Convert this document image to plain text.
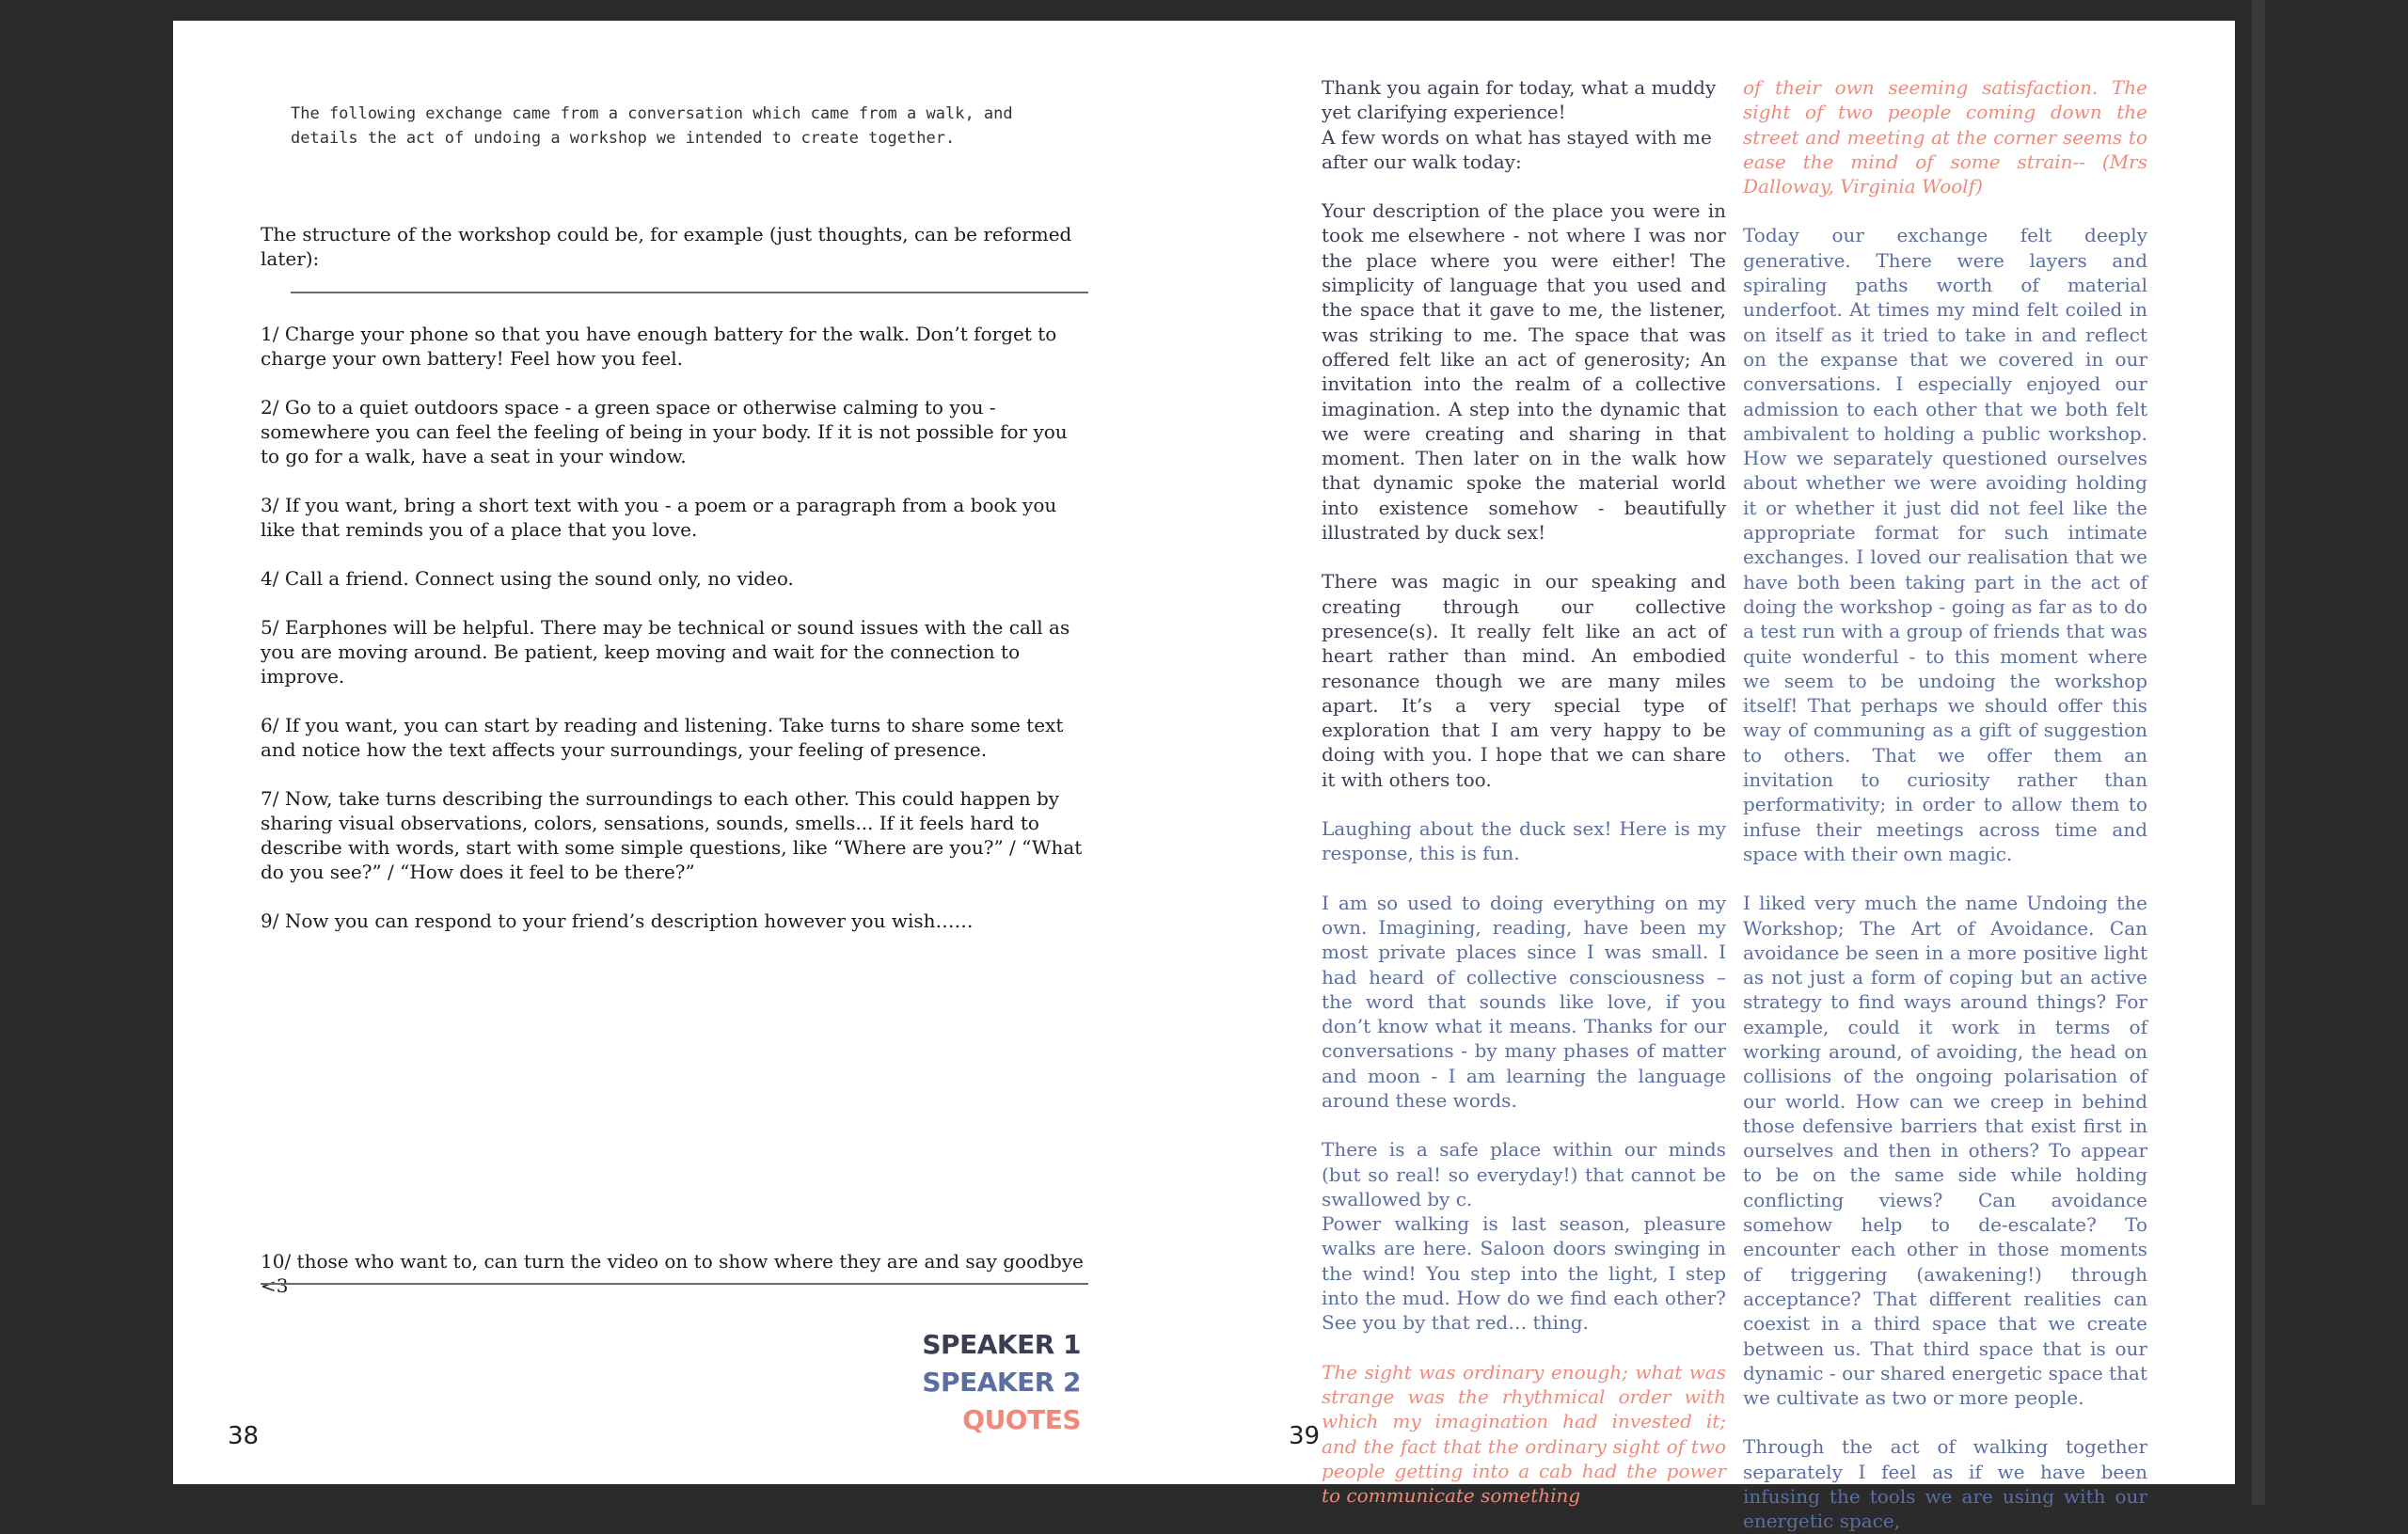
The following exchange came from a conversation which came from a walk, and details the act of undoing a workshop we intended to create together.
The structure of the workshop could be, for example (just thoughts, can be reformed later):

1/ Charge your phone so that you have enough battery for the walk. Don’t forget to charge your own battery! Feel how you feel.

2/ Go to a quiet outdoors space - a green space or otherwise calming to you - somewhere you can feel the feeling of being in your body. If it is not possible for you to go for a walk, have a seat in your window.

3/ If you want, bring a short text with you - a poem or a paragraph from a book you like that reminds you of a place that you love.

4/ Call a friend. Connect using the sound only, no video.

5/ Earphones will be helpful. There may be technical or sound issues with the call as you are moving around. Be patient, keep moving and wait for the connection to improve.

6/ If you want, you can start by reading and listening. Take turns to share some text and notice how the text affects your surroundings, your feeling of presence.

7/ Now, take turns describing the surroundings to each other. This could happen by sharing visual observations, colors, sensations, sounds, smells... If it feels hard to describe with words, start with some simple questions, like “Where are you?” / “What do you see?” / “How does it feel to be there?”

9/ Now you can respond to your friend’s description however you wish……

10/ those who want to, can turn the video on to show where they are and say goodbye <3
SPEAKER 1
SPEAKER 2
QUOTES
38

Thank you again for today, what a muddy yet clarifying experience!
A few words on what has stayed with me after our walk today:

Your description of the place you were in took me elsewhere - not where I was nor the place where you were either! The simplicity of language that you used and the space that it gave to me, the listener, was striking to me. The space that was offered felt like an act of generosity; An invitation into the realm of a collective imagination. A step into the dynamic that we were creating and sharing in that moment. Then later on in the walk how that dynamic spoke the material world into existence somehow - beautifully illustrated by duck sex!

There was magic in our speaking and creating through our collective presence(s). It really felt like an act of heart rather than mind. An embodied resonance though we are many miles apart. It’s a very special type of exploration that I am very happy to be doing with you. I hope that we can share it with others too.

Laughing about the duck sex! Here is my response, this is fun.

I am so used to doing everything on my own. Imagining, reading, have been my most private places since I was small. I had heard of collective consciousness –the word that sounds like love, if you don’t know what it means. Thanks for our conversations - by many phases of matter and moon - I am learning the language around these words.

There is a safe place within our minds (but so real! so everyday!) that cannot be swallowed by c.
Power walking is last season, pleasure walks are here. Saloon doors swinging in the wind! You step into the light, I step into the mud. How do we find each other? See you by that red… thing.

The sight was ordinary enough; what was strange was the rhythmical order with which my imagination had invested it; and the fact that the ordinary sight of two people getting into a cab had the power to communicate something

of their own seeming satisfaction. The sight of two people coming down the street and meeting at the corner seems to ease the mind of some strain-- (Mrs Dalloway, Virginia Woolf)

Today our exchange felt deeply generative. There were layers and spiraling paths worth of material underfoot. At times my mind felt coiled in on itself as it tried to take in and reflect on the expanse that we covered in our conversations. I especially enjoyed our admission to each other that we both felt ambivalent to holding a public workshop. How we separately questioned ourselves about whether we were avoiding holding it or whether it just did not feel like the appropriate format for such intimate exchanges. I loved our realisation that we have both been taking part in the act of doing the workshop - going as far as to do a test run with a group of friends that was quite wonderful - to this moment where we seem to be undoing the workshop itself! That perhaps we should offer this way of communing as a gift of suggestion to others. That we offer them an invitation to curiosity rather than performativity; in order to allow them to infuse their meetings across time and space with their own magic.

I liked very much the name Undoing the Workshop; The Art of Avoidance. Can avoidance be seen in a more positive light as not just a form of coping but an active strategy to find ways around things? For example, could it work in terms of working around, of avoiding, the head on collisions of the ongoing polarisation of our world. How can we creep in behind those defensive barriers that exist first in ourselves and then in others? To appear to be on the same side while holding conflicting views? Can avoidance somehow help to de-escalate? To encounter each other in those moments of triggering (awakening!) through acceptance? That different realities can coexist in a third space that we create between us. That third space that is our dynamic - our shared energetic space that we cultivate as two or more people.

Through the act of walking together separately I feel as if we have been infusing the tools we are using with our energetic space,

39
